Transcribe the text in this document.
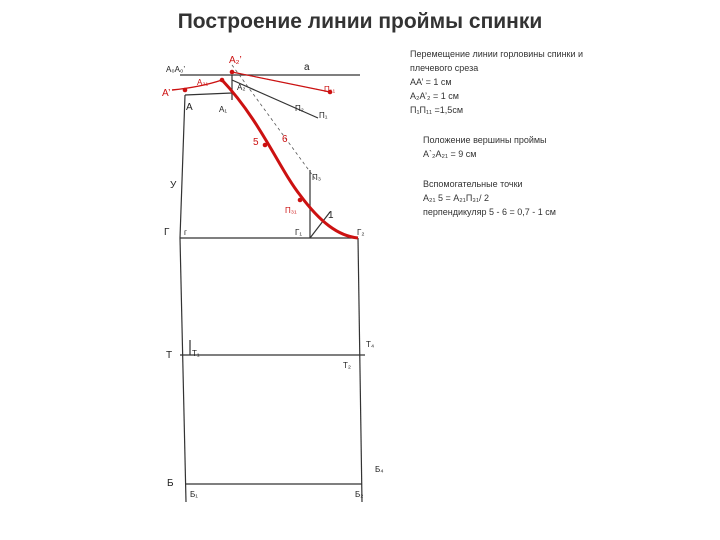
Построение линии проймы спинки
А₀А₀’	а
А₂’
А₂₁
А’
А₂
А	А₁
П₁₁
П₂
П₁
5 6
У
П₃
П₃₁	1
Г г	Г₁	Г₂
Т Т₁
Т₄
Т₂
Б
Б₁	Б₂
Б₄
Перемещение линии горловины спинки и
плечевого среза
АА’ = 1 см
А₂А’₂ = 1 см
П₁П₁₁ =1,5см
Положение вершины проймы
А`₂А₂₁ = 9 см
Вспомогательные точки
А₂₁ 5 = А₂₁П₃₁/ 2
перпендикуляр 5 - 6 = 0,7 - 1 см
